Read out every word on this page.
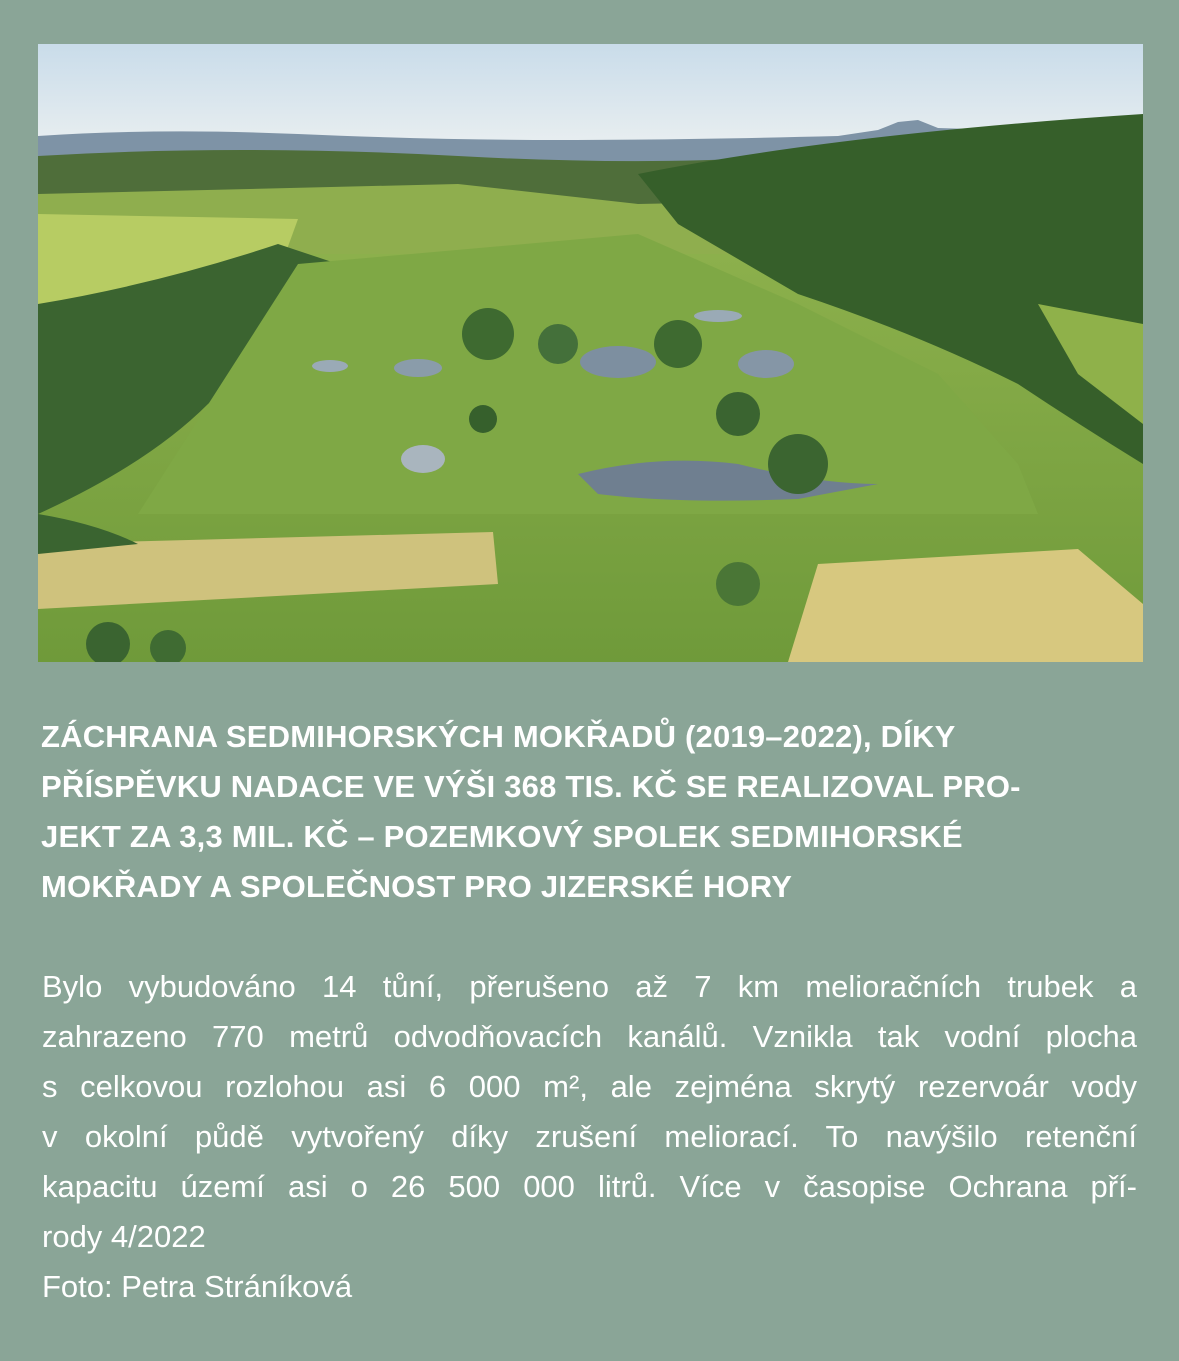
ZÁCHRANA SEDMIHORSKÝCH MOKŘADŮ (2019–2022), DÍKY
PŘÍSPĚVKU NADACE VE VÝŠI 368 TIS. KČ SE REALIZOVAL PRO-
JEKT ZA 3,3 MIL. KČ – POZEMKOVÝ SPOLEK SEDMIHORSKÉ
MOKŘADY A SPOLEČNOST PRO JIZERSKÉ HORY

Bylo vybudováno 14 tůní, přerušeno až 7 km melioračních trubek a
zahrazeno 770 metrů odvodňovacích kanálů. Vznikla tak vodní plocha
s celkovou rozlohou asi 6 000 m², ale zejména skrytý rezervoár vody
v okolní půdě vytvořený díky zrušení meliorací. To navýšilo retenční
kapacitu území asi o 26 500 000 litrů. Více v časopise Ochrana pří-
rody 4/2022

Foto: Petra Stráníková
